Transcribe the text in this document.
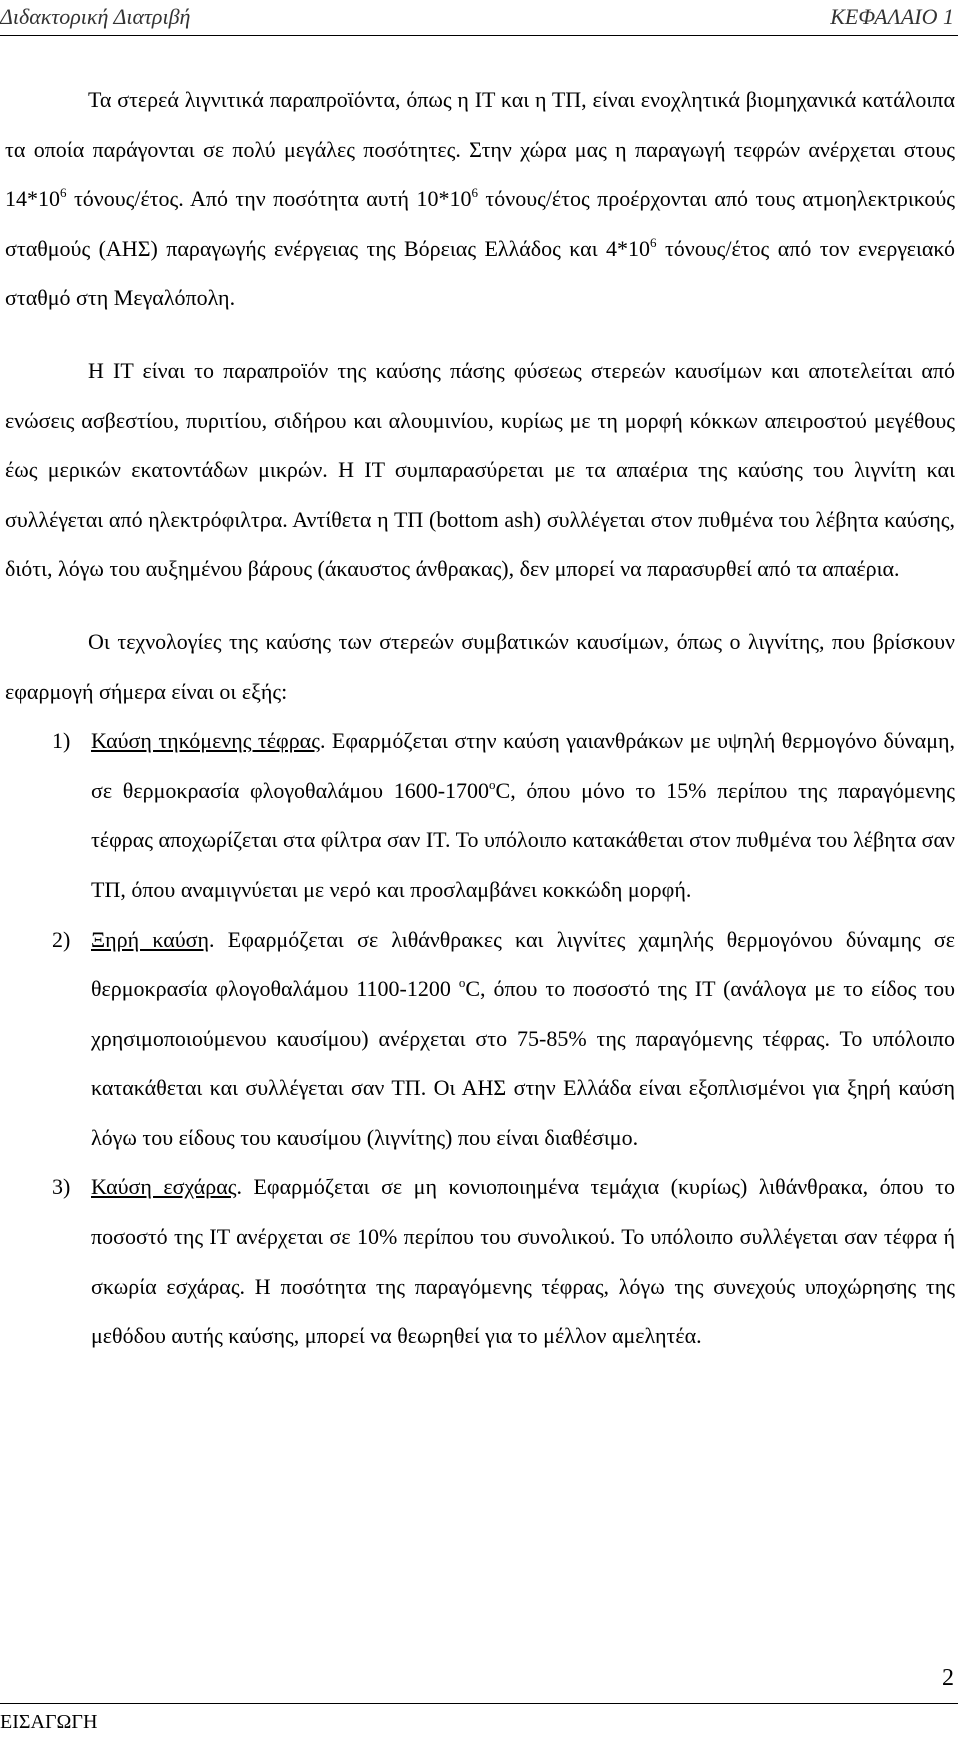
Διδακτορική Διατριβή	ΚΕΦΑΛΑΙΟ 1

Τα στερεά λιγνιτικά παραπροϊόντα, όπως η ΙΤ και η ΤΠ, είναι ενοχλητικά βιομηχανικά κατάλοιπα τα οποία παράγονται σε πολύ μεγάλες ποσότητες. Στην χώρα μας η παραγωγή τεφρών ανέρχεται στους $14*10^6$ τόνους/έτος. Από την ποσότητα αυτή $10*10^6$ τόνους/έτος προέρχονται από τους ατμοηλεκτρικούς σταθμούς (ΑΗΣ) παραγωγής ενέργειας της Βόρειας Ελλάδος και $4*10^6$ τόνους/έτος από τον ενεργειακό σταθμό στη Μεγαλόπολη.

Η ΙΤ είναι το παραπροϊόν της καύσης πάσης φύσεως στερεών καυσίμων και αποτελείται από ενώσεις ασβεστίου, πυριτίου, σιδήρου και αλουμινίου, κυρίως με τη μορφή κόκκων απειροστού μεγέθους έως μερικών εκατοντάδων μικρών. Η ΙΤ συμπαρασύρεται με τα απαέρια της καύσης του λιγνίτη και συλλέγεται από ηλεκτρόφιλτρα. Αντίθετα η ΤΠ (bottom ash) συλλέγεται στον πυθμένα του λέβητα καύσης, διότι, λόγω του αυξημένου βάρους (άκαυστος άνθρακας), δεν μπορεί να παρασυρθεί από τα απαέρια.

Οι τεχνολογίες της καύσης των στερεών συμβατικών καυσίμων, όπως ο λιγνίτης, που βρίσκουν εφαρμογή σήμερα είναι οι εξής:

1) Καύση τηκόμενης τέφρας. Εφαρμόζεται στην καύση γαιανθράκων με υψηλή θερμογόνο δύναμη, σε θερμοκρασία φλογοθαλάμου 1600-1700$^o$C, όπου μόνο το 15% περίπου της παραγόμενης τέφρας αποχωρίζεται στα φίλτρα σαν ΙΤ. Το υπόλοιπο κατακάθεται στον πυθμένα του λέβητα σαν ΤΠ, όπου αναμιγνύεται με νερό και προσλαμβάνει κοκκώδη μορφή.
2) Ξηρή καύση. Εφαρμόζεται σε λιθάνθρακες και λιγνίτες χαμηλής θερμογόνου δύναμης σε θερμοκρασία φλογοθαλάμου 1100-1200 $^o$C, όπου το ποσοστό της ΙΤ (ανάλογα με το είδος του χρησιμοποιούμενου καυσίμου) ανέρχεται στο 75-85% της παραγόμενης τέφρας. Το υπόλοιπο κατακάθεται και συλλέγεται σαν ΤΠ. Οι ΑΗΣ στην Ελλάδα είναι εξοπλισμένοι για ξηρή καύση λόγω του είδους του καυσίμου (λιγνίτης) που είναι διαθέσιμο.
3) Καύση εσχάρας. Εφαρμόζεται σε μη κονιοποιημένα τεμάχια (κυρίως) λιθάνθρακα, όπου το ποσοστό της ΙΤ ανέρχεται σε 10% περίπου του συνολικού. Το υπόλοιπο συλλέγεται σαν τέφρα ή σκωρία εσχάρας. Η ποσότητα της παραγόμενης τέφρας, λόγω της συνεχούς υποχώρησης της μεθόδου αυτής καύσης, μπορεί να θεωρηθεί για το μέλλον αμελητέα.
2
ΕΙΣΑΓΩΓΗ
